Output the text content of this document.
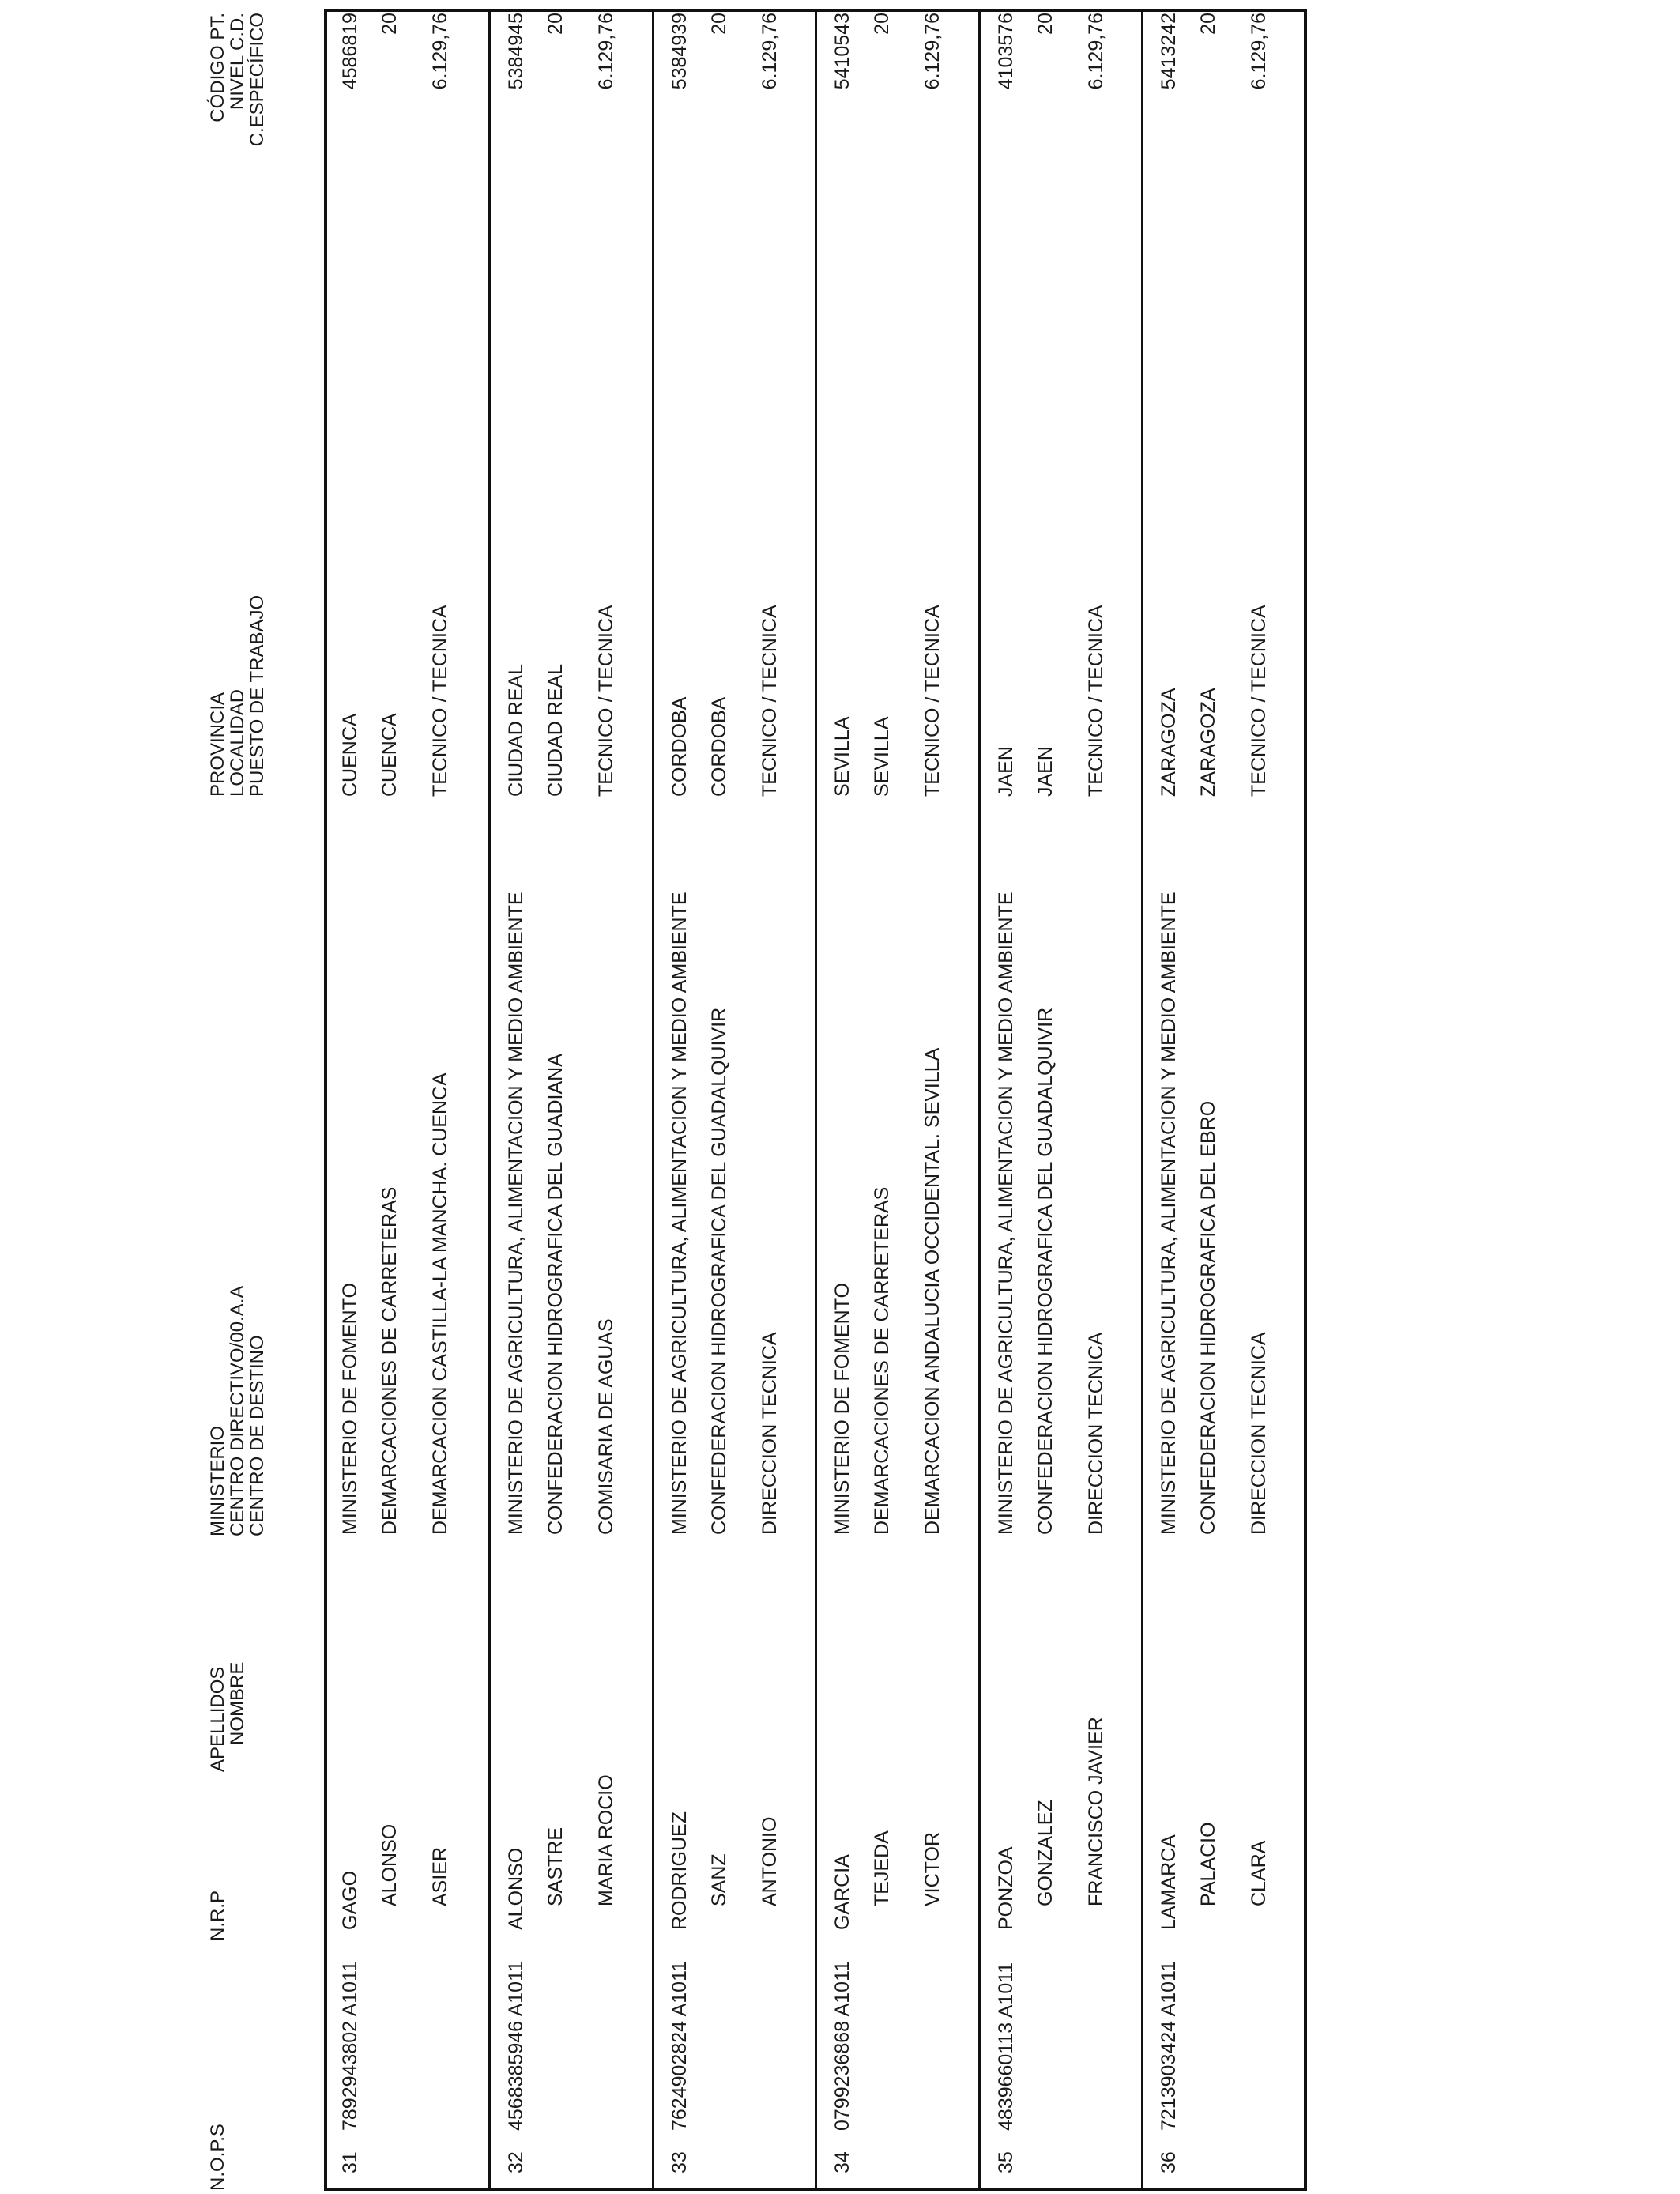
N.O.P.S
N.R.P
APELLIDOS
NOMBRE
MINISTERIO
CENTRO DIRECTIVO/00.A.A
CENTRO DE DESTINO
PROVINCIA
LOCALIDAD
PUESTO DE TRABAJO
CÓDIGO PT.
NIVEL C.D.
C.ESPECÍFICO
31
7892943802 A1011
GAGO ALONSO ASIER
MINISTERIO DE FOMENTO DEMARCACIONES DE CARRETERAS DEMARCACION CASTILLA-LA MANCHA. CUENCA
CUENCA CUENCA TECNICO / TECNICA
4586819 20 6.129,76
32
4568385946 A1011
ALONSO SASTRE MARIA ROCIO
MINISTERIO DE AGRICULTURA, ALIMENTACION Y MEDIO AMBIENTE CONFEDERACION HIDROGRAFICA DEL GUADIANA COMISARIA DE AGUAS
CIUDAD REAL CIUDAD REAL TECNICO / TECNICA
5384945 20 6.129,76
33
7624902824 A1011
RODRIGUEZ SANZ ANTONIO
MINISTERIO DE AGRICULTURA, ALIMENTACION Y MEDIO AMBIENTE CONFEDERACION HIDROGRAFICA DEL GUADALQUIVIR DIRECCION TECNICA
CORDOBA CORDOBA TECNICO / TECNICA
5384939 20 6.129,76
34
0799236868 A1011
GARCIA TEJEDA VICTOR
MINISTERIO DE FOMENTO DEMARCACIONES DE CARRETERAS DEMARCACION ANDALUCIA OCCIDENTAL. SEVILLA
SEVILLA SEVILLA TECNICO / TECNICA
5410543 20 6.129,76
35
4839660113 A1011
PONZOA GONZALEZ FRANCISCO JAVIER
MINISTERIO DE AGRICULTURA, ALIMENTACION Y MEDIO AMBIENTE CONFEDERACION HIDROGRAFICA DEL GUADALQUIVIR DIRECCION TECNICA
JAEN JAEN TECNICO / TECNICA
4103576 20 6.129,76
36
7213903424 A1011
LAMARCA PALACIO CLARA
MINISTERIO DE AGRICULTURA, ALIMENTACION Y MEDIO AMBIENTE CONFEDERACION HIDROGRAFICA DEL EBRO DIRECCION TECNICA
ZARAGOZA ZARAGOZA TECNICO / TECNICA
5413242 20 6.129,76
